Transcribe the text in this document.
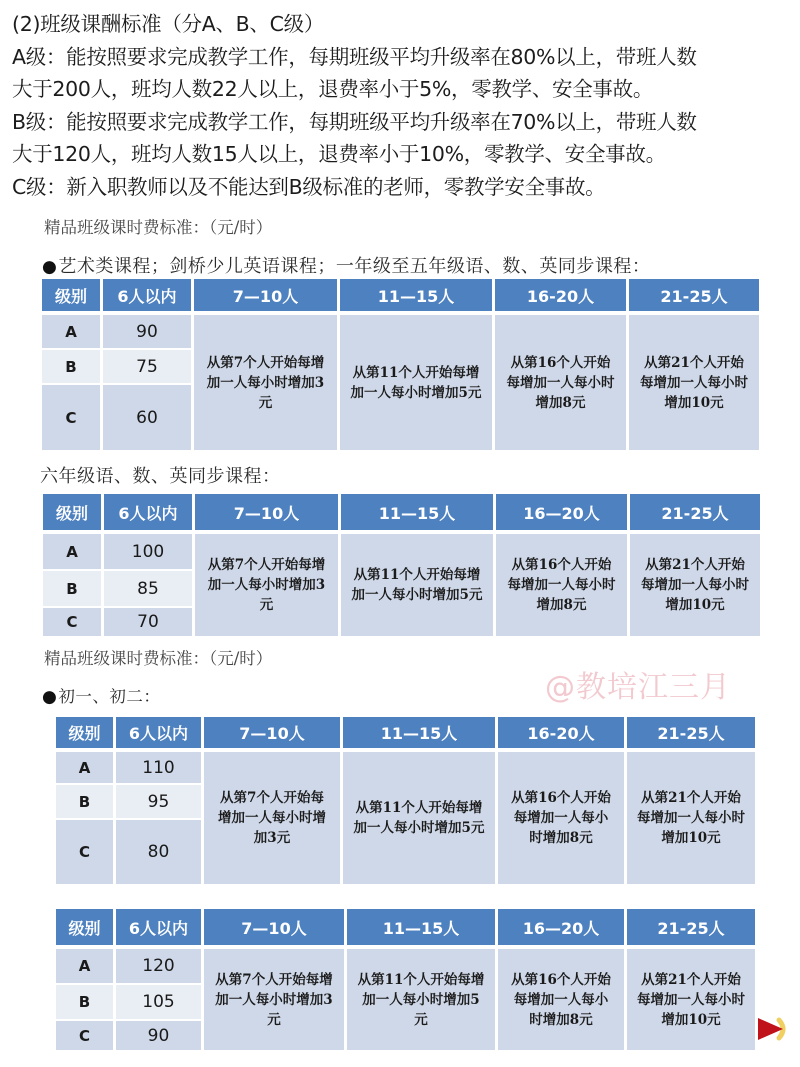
(2)班级课酬标准（分A、B、C级）

A级：能按照要求完成教学工作，每期班级平均升级率在80%以上，带班人数

大于200人，班均人数22人以上，退费率小于5%，零教学、安全事故。

B级：能按照要求完成教学工作，每期班级平均升级率在70%以上，带班人数

大于120人，班均人数15人以上，退费率小于10%，零教学、安全事故。

C级：新入职教师以及不能达到B级标准的老师，零教学安全事故。

精品班级课时费标准：（元/时）
●艺术类课程；剑桥少儿英语课程；一年级至五年级语、数、英同步课程：
级别	6人以内	7—10人	11—15人	16-20人	21-25人
A	90	从第7个人开始每增加一人每小时增加3元	从第11个人开始每增加一人每小时增加5元	从第16个人开始每增加一人每小时增加8元	从第21个人开始每增加一人每小时增加10元
B	75				
C	60				
六年级语、数、英同步课程：
级别	6人以内	7—10人	11—15人	16—20人	21-25人
A	100	从第7个人开始每增加一人每小时增加3元	从第11个人开始每增加一人每小时增加5元	从第16个人开始每增加一人每小时增加8元	从第21个人开始每增加一人每小时增加10元
B	85				
C	70				
精品班级课时费标准：（元/时）
●初一、初二：	@教培江三月
级别	6人以内	7—10人	11—15人	16-20人	21-25人
A	110	从第7个人开始每增加一人每小时增加3元	从第11个人开始每增加一人每小时增加5元	从第16个人开始每增加一人每小时增加8元	从第21个人开始每增加一人每小时增加10元
B	95				
C	80				
级别	6人以内	7—10人	11—15人	16—20人	21-25人
A	120	从第7个人开始每增加一人每小时增加3元	从第11个人开始每增加一人每小时增加5元	从第16个人开始每增加一人每小时增加8元	从第21个人开始每增加一人每小时增加10元
B	105				
C	90				
